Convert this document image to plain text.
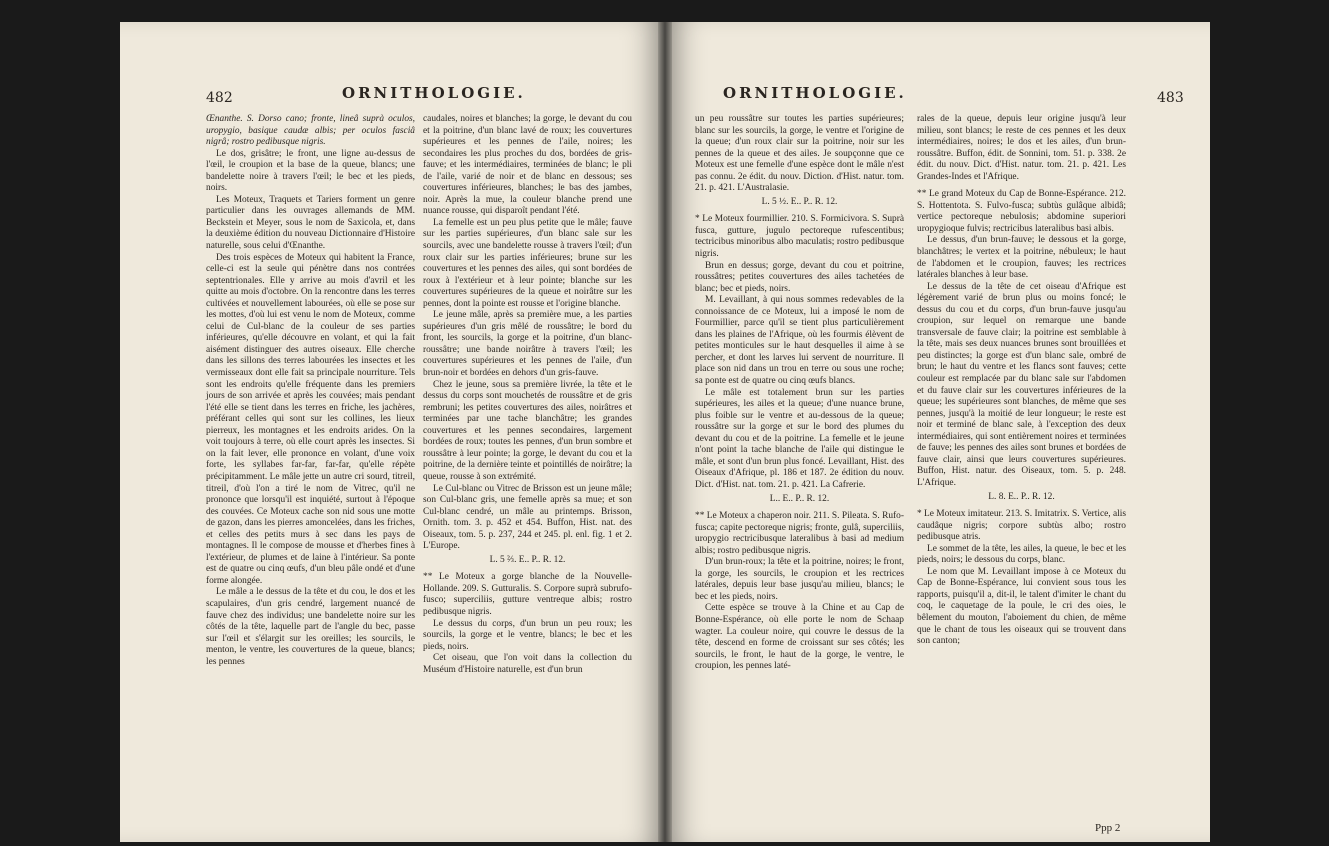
482	ORNITHOLOGIE.

Œnanthe. S. Dorso cano; fronte, lineâ suprà oculos, uropygio, basique caudæ albis; per oculos fasciâ nigrâ; rostro pedibusque nigris.

Le dos, grisâtre; le front, une ligne au-dessus de l'œil, le croupion et la base de la queue, blancs; une bandelette noire à travers l'œil; le bec et les pieds, noirs.

Les Moteux, Traquets et Tariers forment un genre particulier dans les ouvrages allemands de MM. Beckstein et Meyer, sous le nom de Saxicola, et, dans la deuxième édition du nouveau Dictionnaire d'Histoire naturelle, sous celui d'Œnanthe.

Des trois espèces de Moteux qui habitent la France, celle-ci est la seule qui pénètre dans nos contrées septentrionales. Elle y arrive au mois d'avril et les quitte au mois d'octobre. On la rencontre dans les terres cultivées et nouvellement labourées, où elle se pose sur les mottes, d'où lui est venu le nom de Moteux, comme celui de Cul-blanc de la couleur de ses parties inférieures, qu'elle découvre en volant, et qui la fait aisément distinguer des autres oiseaux. Elle cherche dans les sillons des terres labourées les insectes et les vermisseaux dont elle fait sa principale nourriture. Tels sont les endroits qu'elle fréquente dans les premiers jours de son arrivée et après les couvées; mais pendant l'été elle se tient dans les terres en friche, les jachères, préférant celles qui sont sur les collines, les lieux pierreux, les montagnes et les endroits arides. On la voit toujours à terre, où elle court après les insectes. Si on la fait lever, elle prononce en volant, d'une voix forte, les syllabes far-far, far-far, qu'elle répète précipitamment. Le mâle jette un autre cri sourd, titreil, titreil, d'où l'on a tiré le nom de Vitrec, qu'il ne prononce que lorsqu'il est inquiété, surtout à l'époque des couvées. Ce Moteux cache son nid sous une motte de gazon, dans les pierres amoncelées, dans les friches, et celles des petits murs à sec dans les pays de montagnes. Il le compose de mousse et d'herbes fines à l'extérieur, de plumes et de laine à l'intérieur. Sa ponte est de quatre ou cinq œufs, d'un bleu pâle ondé et d'une forme alongée.

Le mâle a le dessus de la tête et du cou, le dos et les scapulaires, d'un gris cendré, largement nuancé de fauve chez des individus; une bandelette noire sur les côtés de la tête, laquelle part de l'angle du bec, passe sur l'œil et s'élargit sur les oreilles; les sourcils, le menton, le ventre, les couvertures de la queue, blancs; les pennes

caudales, noires et blanches; la gorge, le devant du cou et la poitrine, d'un blanc lavé de roux; les couvertures supérieures et les pennes de l'aile, noires; les secondaires les plus proches du dos, bordées de gris-fauve; et les intermédiaires, terminées de blanc; le pli de l'aile, varié de noir et de blanc en dessous; ses couvertures inférieures, blanches; le bas des jambes, noir. Après la mue, la couleur blanche prend une nuance rousse, qui disparoît pendant l'été.

La femelle est un peu plus petite que le mâle; fauve sur les parties supérieures, d'un blanc sale sur les sourcils, avec une bandelette rousse à travers l'œil; d'un roux clair sur les parties inférieures; brune sur les couvertures et les pennes des ailes, qui sont bordées de roux à l'extérieur et à leur pointe; blanche sur les couvertures supérieures de la queue et noirâtre sur les pennes, dont la pointe est rousse et l'origine blanche.

Le jeune mâle, après sa première mue, a les parties supérieures d'un gris mêlé de roussâtre; le bord du front, les sourcils, la gorge et la poitrine, d'un blanc-roussâtre; une bande noirâtre à travers l'œil; les couvertures supérieures et les pennes de l'aile, d'un brun-noir et bordées en dehors d'un gris-fauve.

Chez le jeune, sous sa première livrée, la tête et le dessus du corps sont mouchetés de roussâtre et de gris rembruni; les petites couvertures des ailes, noirâtres et terminées par une tache blanchâtre; les grandes couvertures et les pennes secondaires, largement bordées de roux; toutes les pennes, d'un brun sombre et roussâtre à leur pointe; la gorge, le devant du cou et la poitrine, de la dernière teinte et pointillés de noirâtre; la queue, rousse à son extrémité.

Le Cul-blanc ou Vitrec de Brisson est un jeune mâle; son Cul-blanc gris, une femelle après sa mue; et son Cul-blanc cendré, un mâle au printemps. Brisson, Ornith. tom. 3. p. 452 et 454. Buffon, Hist. nat. des Oiseaux, tom. 5. p. 237, 244 et 245. pl. enl. fig. 1 et 2. L'Europe.

L. 5 ⅔. E.. P.. R. 12.

** Le Moteux a gorge blanche de la Nouvelle-Hollande. 209. S. Gutturalis. S. Corpore suprà subrufo-fusco; superciliis, gutture ventreque albis; rostro pedibusque nigris.

Le dessus du corps, d'un brun un peu roux; les sourcils, la gorge et le ventre, blancs; le bec et les pieds, noirs.

Cet oiseau, que l'on voit dans la collection du Muséum d'Histoire naturelle, est d'un brun

ORNITHOLOGIE.	483

un peu roussâtre sur toutes les parties supérieures; blanc sur les sourcils, la gorge, le ventre et l'origine de la queue; d'un roux clair sur la poitrine, noir sur les pennes de la queue et des ailes. Je soupçonne que ce Moteux est une femelle d'une espèce dont le mâle n'est pas connu. 2e édit. du nouv. Diction. d'Hist. natur. tom. 21. p. 421. L'Australasie.

L. 5 ½. E.. P.. R. 12.

* Le Moteux fourmillier. 210. S. Formicivora. S. Suprà fusca, gutture, jugulo pectoreque rufescentibus; tectricibus minoribus albo maculatis; rostro pedibusque nigris.

Brun en dessus; gorge, devant du cou et poitrine, roussâtres; petites couvertures des ailes tachetées de blanc; bec et pieds, noirs.

M. Levaillant, à qui nous sommes redevables de la connoissance de ce Moteux, lui a imposé le nom de Fourmillier, parce qu'il se tient plus particulièrement dans les plaines de l'Afrique, où les fourmis élèvent de petites monticules sur le haut desquelles il aime à se percher, et dont les larves lui servent de nourriture. Il place son nid dans un trou en terre ou sous une roche; sa ponte est de quatre ou cinq œufs blancs.

Le mâle est totalement brun sur les parties supérieures, les ailes et la queue; d'une nuance brune, plus foible sur le ventre et au-dessous de la queue; roussâtre sur la gorge et sur le bord des plumes du devant du cou et de la poitrine. La femelle et le jeune n'ont point la tache blanche de l'aile qui distingue le mâle, et sont d'un brun plus foncé. Levaillant, Hist. des Oiseaux d'Afrique, pl. 186 et 187. 2e édition du nouv. Dict. d'Hist. nat. tom. 21. p. 421. La Cafrerie.

L.. E.. P.. R. 12.

** Le Moteux a chaperon noir. 211. S. Pileata. S. Rufo-fusca; capite pectoreque nigris; fronte, gulâ, superciliis, uropygio rectricibusque lateralibus à basi ad medium albis; rostro pedibusque nigris.

D'un brun-roux; la tête et la poitrine, noires; le front, la gorge, les sourcils, le croupion et les rectrices latérales, depuis leur base jusqu'au milieu, blancs; le bec et les pieds, noirs.

Cette espèce se trouve à la Chine et au Cap de Bonne-Espérance, où elle porte le nom de Schaap wagter. La couleur noire, qui couvre le dessus de la tête, descend en forme de croissant sur ses côtés; les sourcils, le front, le haut de la gorge, le ventre, le croupion, les pennes laté-

rales de la queue, depuis leur origine jusqu'à leur milieu, sont blancs; le reste de ces pennes et les deux intermédiaires, noires; le dos et les ailes, d'un brun-roussâtre. Buffon, édit. de Sonnini, tom. 51. p. 338. 2e édit. du nouv. Dict. d'Hist. natur. tom. 21. p. 421. Les Grandes-Indes et l'Afrique.

** Le grand Moteux du Cap de Bonne-Espérance. 212. S. Hottentota. S. Fulvo-fusca; subtùs gulâque albidâ; vertice pectoreque nebulosis; abdomine superiori uropygioque fulvis; rectricibus lateralibus basi albis.

Le dessus, d'un brun-fauve; le dessous et la gorge, blanchâtres; le vertex et la poitrine, nébuleux; le haut de l'abdomen et le croupion, fauves; les rectrices latérales blanches à leur base.

Le dessus de la tête de cet oiseau d'Afrique est légèrement varié de brun plus ou moins foncé; le dessus du cou et du corps, d'un brun-fauve jusqu'au croupion, sur lequel on remarque une bande transversale de fauve clair; la poitrine est semblable à la tête, mais ses deux nuances brunes sont brouillées et peu distinctes; la gorge est d'un blanc sale, ombré de brun; le haut du ventre et les flancs sont fauves; cette couleur est remplacée par du blanc sale sur l'abdomen et du fauve clair sur les couvertures inférieures de la queue; les supérieures sont blanches, de même que ses pennes, jusqu'à la moitié de leur longueur; le reste est noir et terminé de blanc sale, à l'exception des deux intermédiaires, qui sont entièrement noires et terminées de fauve; les pennes des ailes sont brunes et bordées de fauve clair, ainsi que leurs couvertures supérieures. Buffon, Hist. natur. des Oiseaux, tom. 5. p. 248. L'Afrique.

L. 8. E.. P.. R. 12.

* Le Moteux imitateur. 213. S. Imitatrix. S. Vertice, alis caudâque nigris; corpore subtùs albo; rostro pedibusque atris.

Le sommet de la tête, les ailes, la queue, le bec et les pieds, noirs; le dessous du corps, blanc.

Le nom que M. Levaillant impose à ce Moteux du Cap de Bonne-Espérance, lui convient sous tous les rapports, puisqu'il a, dit-il, le talent d'imiter le chant du coq, le caquetage de la poule, le cri des oies, le bêlement du mouton, l'aboiement du chien, de même que le chant de tous les oiseaux qui se trouvent dans son canton;

Ppp 2
